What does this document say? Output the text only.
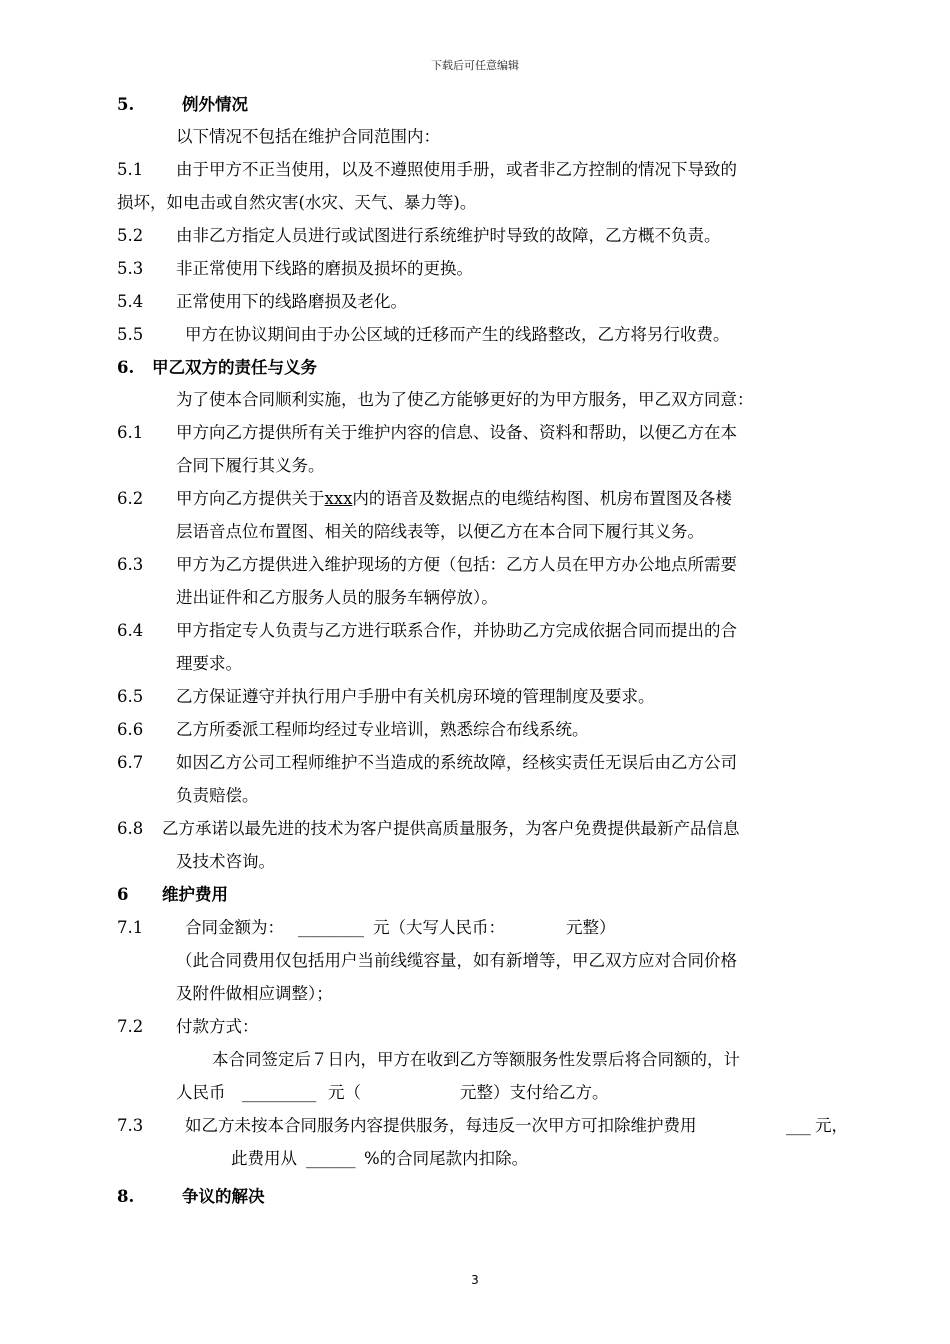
下载后可任意编辑
5.	例外情况
以下情况不包括在维护合同范围内：
5.1 由于甲方不正当使用，以及不遵照使用手册，或者非乙方控制的情况下导致的
损坏，如电击或自然灾害(水灾、天气、暴力等)。
5.2 由非乙方指定人员进行或试图进行系统维护时导致的故障，乙方概不负责。
5.3 非正常使用下线路的磨损及损坏的更换。
5.4 正常使用下的线路磨损及老化。
5.5	甲方在协议期间由于办公区域的迁移而产生的线路整改，乙方将另行收费。
6. 甲乙双方的责任与义务
为了使本合同顺利实施，也为了使乙方能够更好的为甲方服务，甲乙双方同意：
6.1 甲方向乙方提供所有关于维护内容的信息、设备、资料和帮助，以便乙方在本
合同下履行其义务。
6.2 甲方向乙方提供关于xxx内的语音及数据点的电缆结构图、机房布置图及各楼
层语音点位布置图、相关的陪线表等，以便乙方在本合同下履行其义务。
6.3 甲方为乙方提供进入维护现场的方便（包括：乙方人员在甲方办公地点所需要
进出证件和乙方服务人员的服务车辆停放）。
6.4 甲方指定专人负责与乙方进行联系合作，并协助乙方完成依据合同而提出的合
理要求。
6.5 乙方保证遵守并执行用户手册中有关机房环境的管理制度及要求。
6.6 乙方所委派工程师均经过专业培训，熟悉综合布线系统。
6.7 如因乙方公司工程师维护不当造成的系统故障，经核实责任无误后由乙方公司
负责赔偿。
6.8 乙方承诺以最先进的技术为客户提供高质量服务，为客户免费提供最新产品信息
及技术咨询。
6 维护费用
7.1	合同金额为： ________ 元（大写人民币：	元整）
（此合同费用仅包括用户当前线缆容量，如有新增等，甲乙双方应对合同价格
及附件做相应调整）；
7.2 付款方式：
本合同签定后７日内，甲方在收到乙方等额服务性发票后将合同额的，计
人民币 _________ 元（	元整）支付给乙方。
7.3	如乙方未按本合同服务内容提供服务，每违反一次甲方可扣除维护费用	___ 元，
此费用从 ______ %的合同尾款内扣除。
8.	争议的解决
3
